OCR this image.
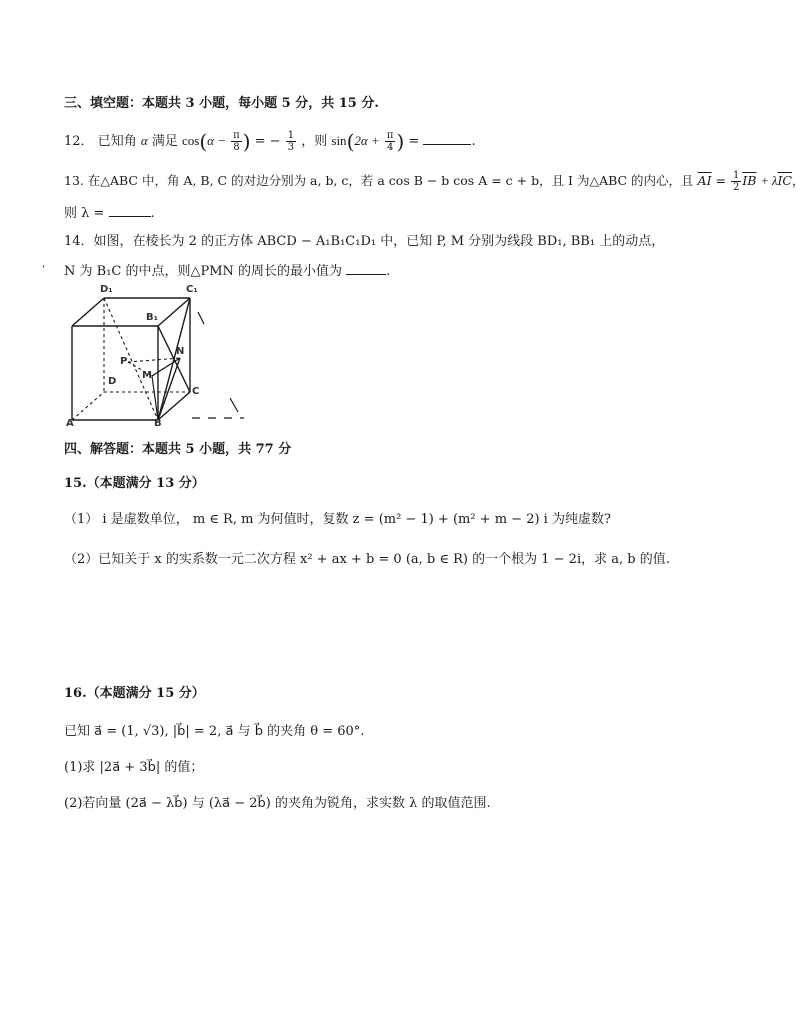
三、填空题：本题共 3 小题，每小题 5 分，共 15 分.
12． 已知角 α 满足 $\cos(\alpha - \frac{\pi}{8}$ ) = − $\frac{1}{3}$ ，则 $\sin(2\alpha + \frac{\pi}{4}$ ) =	.
13. 在△ABC 中，角 A, B, C 的对边分别为 a, b, c，若 a cos B − b cos A = c + b，且 I 为△ABC 的内心，且 $\overline{AI} = \frac{1}{2} \overline{IB} + \lambda\overline{IC}$，
则 λ =	.
14．如图，在棱长为 2 的正方体 ABCD − A₁B₁C₁D₁ 中，已知 P, M 分别为线段 BD₁, BB₁ 上的动点，
N 为 B₁C 的中点，则△PMN 的周长的最小值为	.
‘
D₁	C₁
B₁
P
N
M
D
C
A	B
四、解答题：本题共 5 小题，共 77 分
15.（本题满分 13 分）
（1） i 是虚数单位， m ∈ R, m 为何值时，复数 z = (m² − 1) + (m² + m − 2) i 为纯虚数?
（2）已知关于 x 的实系数一元二次方程 x² + ax + b = 0 (a, b ∈ R) 的一个根为 1 − 2i，求 a, b 的值.
16.（本题满分 15 分）
已知 a⃗ = (1, √3), |b⃗| = 2, a⃗ 与 b⃗ 的夹角 θ = 60°.
(1)求 |2a⃗ + 3b⃗| 的值；
(2)若向量 (2a⃗ − λb⃗) 与 (λa⃗ − 2b⃗) 的夹角为锐角，求实数 λ 的取值范围.
